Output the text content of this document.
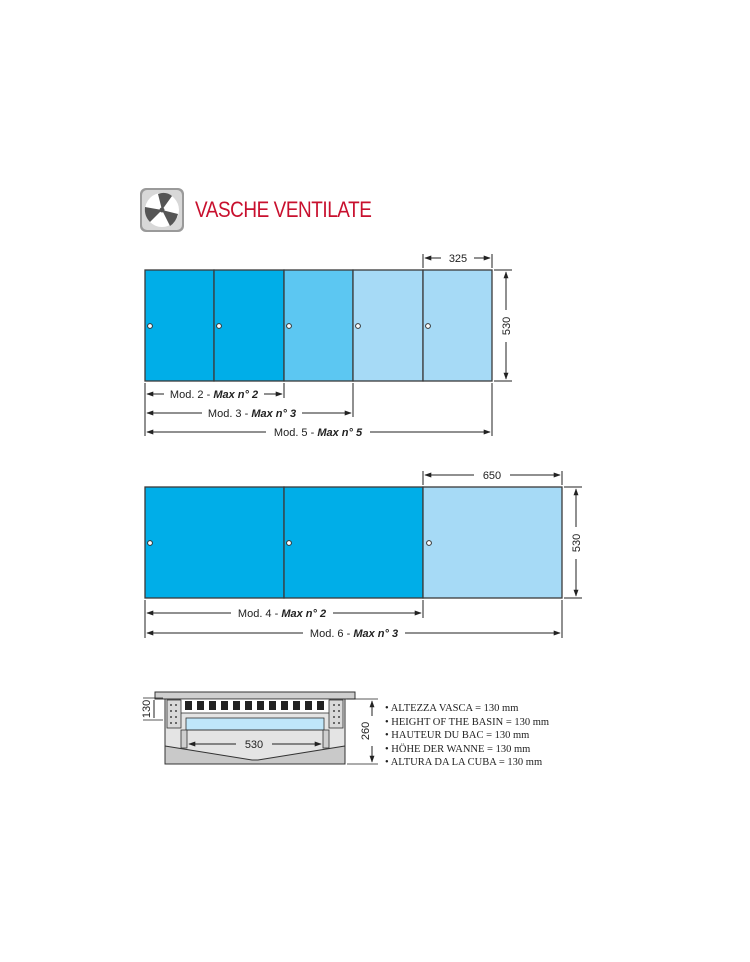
325
530
Mod. 2 - Max n° 2
Mod. 3 - Max n° 3
Mod. 5 - Max n° 5
650
530
Mod. 4 - Max n° 2
Mod. 6 - Max n° 3
530
130
260
VASCHE VENTILATE
• ALTEZZA VASCA = 130 mm
• HEIGHT OF THE BASIN = 130 mm
• HAUTEUR DU BAC = 130 mm
• HÖHE DER WANNE = 130 mm
• ALTURA DA LA CUBA = 130 mm
